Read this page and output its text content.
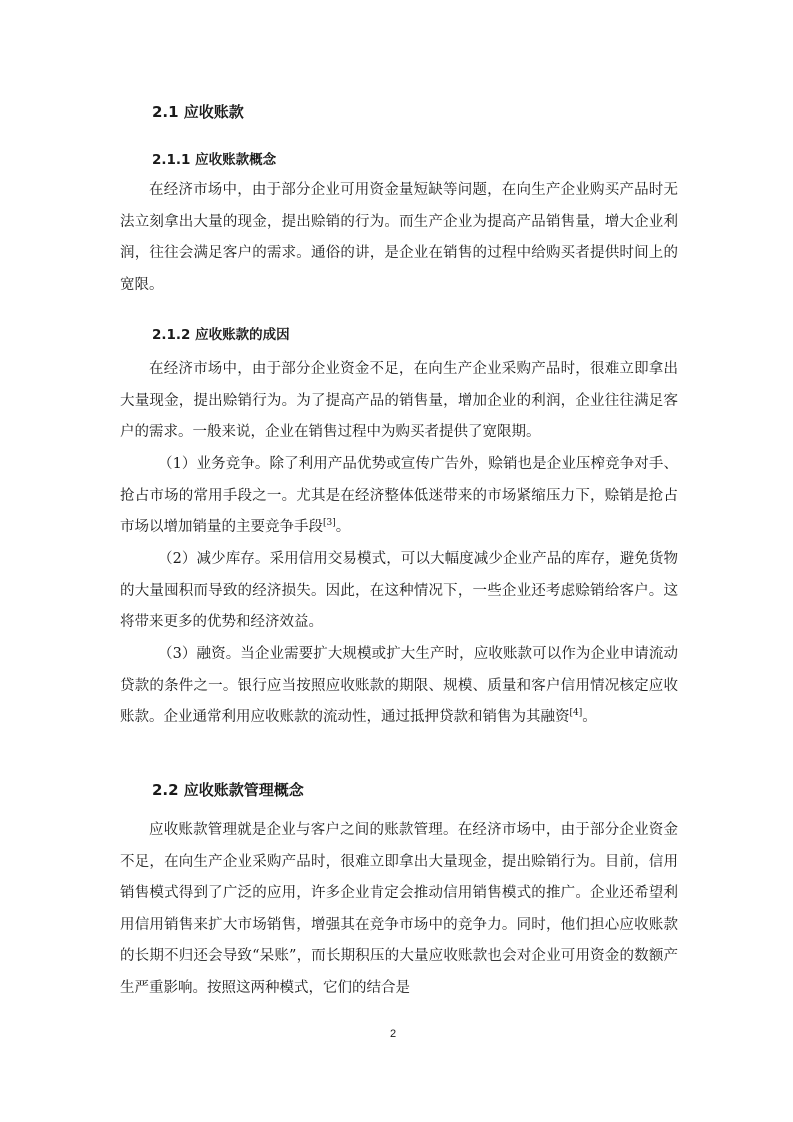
2.1 应收账款
2.1.1 应收账款概念

在经济市场中，由于部分企业可用资金量短缺等问题，在向生产企业购买产品时无法立刻拿出大量的现金，提出赊销的行为。而生产企业为提高产品销售量，增大企业利润，往往会满足客户的需求。通俗的讲，是企业在销售的过程中给购买者提供时间上的宽限。

2.1.2 应收账款的成因

在经济市场中，由于部分企业资金不足，在向生产企业采购产品时，很难立即拿出大量现金，提出赊销行为。为了提高产品的销售量，增加企业的利润，企业往往满足客户的需求。一般来说，企业在销售过程中为购买者提供了宽限期。

（1）业务竞争。除了利用产品优势或宣传广告外，赊销也是企业压榨竞争对手、抢占市场的常用手段之一。尤其是在经济整体低迷带来的市场紧缩压力下，赊销是抢占市场以增加销量的主要竞争手段[3]。

（2）减少库存。采用信用交易模式，可以大幅度减少企业产品的库存，避免货物的大量囤积而导致的经济损失。因此，在这种情况下，一些企业还考虑赊销给客户。这将带来更多的优势和经济效益。

（3）融资。当企业需要扩大规模或扩大生产时，应收账款可以作为企业申请流动贷款的条件之一。银行应当按照应收账款的期限、规模、质量和客户信用情况核定应收账款。企业通常利用应收账款的流动性，通过抵押贷款和销售为其融资[4]。

2.2 应收账款管理概念

应收账款管理就是企业与客户之间的账款管理。在经济市场中，由于部分企业资金不足，在向生产企业采购产品时，很难立即拿出大量现金，提出赊销行为。目前，信用销售模式得到了广泛的应用，许多企业肯定会推动信用销售模式的推广。企业还希望利用信用销售来扩大市场销售，增强其在竞争市场中的竞争力。同时，他们担心应收账款的长期不归还会导致“呆账”，而长期积压的大量应收账款也会对企业可用资金的数额产生严重影响。按照这两种模式，它们的结合是

2
